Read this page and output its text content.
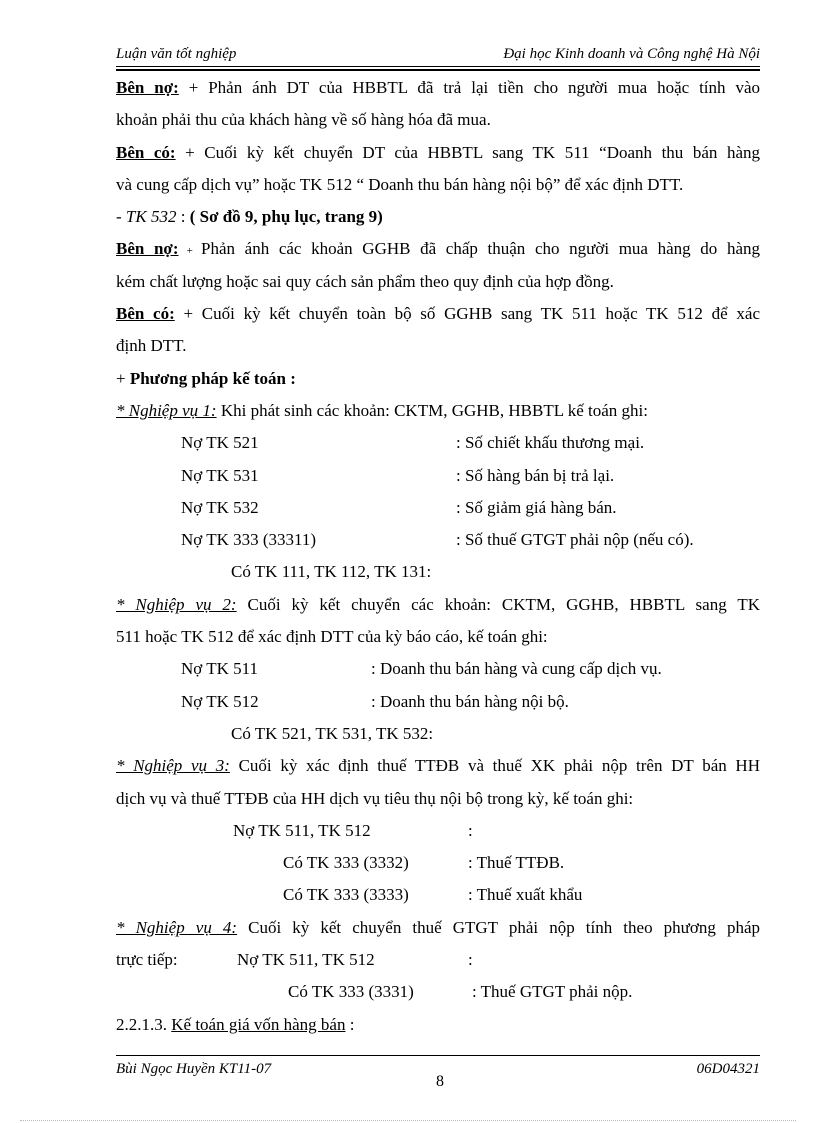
Luận văn tốt nghiệp	Đại học Kinh doanh và Công nghệ Hà Nội
Bên nợ: + Phản ánh DT của HBBTL đã trả lại tiền cho người mua hoặc tính vào
khoản phải thu của khách hàng về số hàng hóa đã mua.
Bên có: + Cuối kỳ kết chuyển DT của HBBTL sang TK 511 “Doanh thu bán hàng
và cung cấp dịch vụ” hoặc TK 512 “ Doanh thu bán hàng nội bộ” để xác định DTT.
- TK 532 : ( Sơ đồ 9, phụ lục, trang 9)
Bên nợ: + Phản ánh các khoản GGHB đã chấp thuận cho người mua hàng do hàng
kém chất lượng hoặc sai quy cách sản phẩm theo quy định của hợp đồng.
Bên có: + Cuối kỳ kết chuyển toàn bộ số GGHB sang TK 511 hoặc TK 512 để xác
định DTT.
+ Phương pháp kế toán :
* Nghiệp vụ 1: Khi phát sinh các khoản: CKTM, GGHB, HBBTL kế toán ghi:
Nợ TK 521	: Số chiết khấu thương mại.
Nợ TK 531	: Số hàng bán bị trả lại.
Nợ TK 532	: Số giảm giá hàng bán.
Nợ TK 333 (33311)	: Số thuế GTGT phải nộp (nếu có).
Có TK 111, TK 112, TK 131:
* Nghiệp vụ 2: Cuối kỳ kết chuyển các khoản: CKTM, GGHB, HBBTL sang TK
511 hoặc TK 512 để xác định DTT của kỳ báo cáo, kế toán ghi:
Nợ TK 511	: Doanh thu bán hàng và cung cấp dịch vụ.
Nợ TK 512	: Doanh thu bán hàng nội bộ.
Có TK 521, TK 531, TK 532:
* Nghiệp vụ 3: Cuối kỳ xác định thuế TTĐB và thuế XK phải nộp trên DT bán HH
dịch vụ và thuế TTĐB của HH dịch vụ tiêu thụ nội bộ trong kỳ, kế toán ghi:
Nợ TK 511, TK 512	:
Có TK 333 (3332)	: Thuế TTĐB.
Có TK 333 (3333)	: Thuế xuất khẩu
* Nghiệp vụ 4: Cuối kỳ kết chuyển thuế GTGT phải nộp tính theo phương pháp
trực tiếp:	Nợ TK 511, TK 512	:
Có TK 333 (3331)	: Thuế GTGT phải nộp.
2.2.1.3. Kế toán giá vốn hàng bán :
Bùi Ngọc Huyền KT11-07	06D04321
8
